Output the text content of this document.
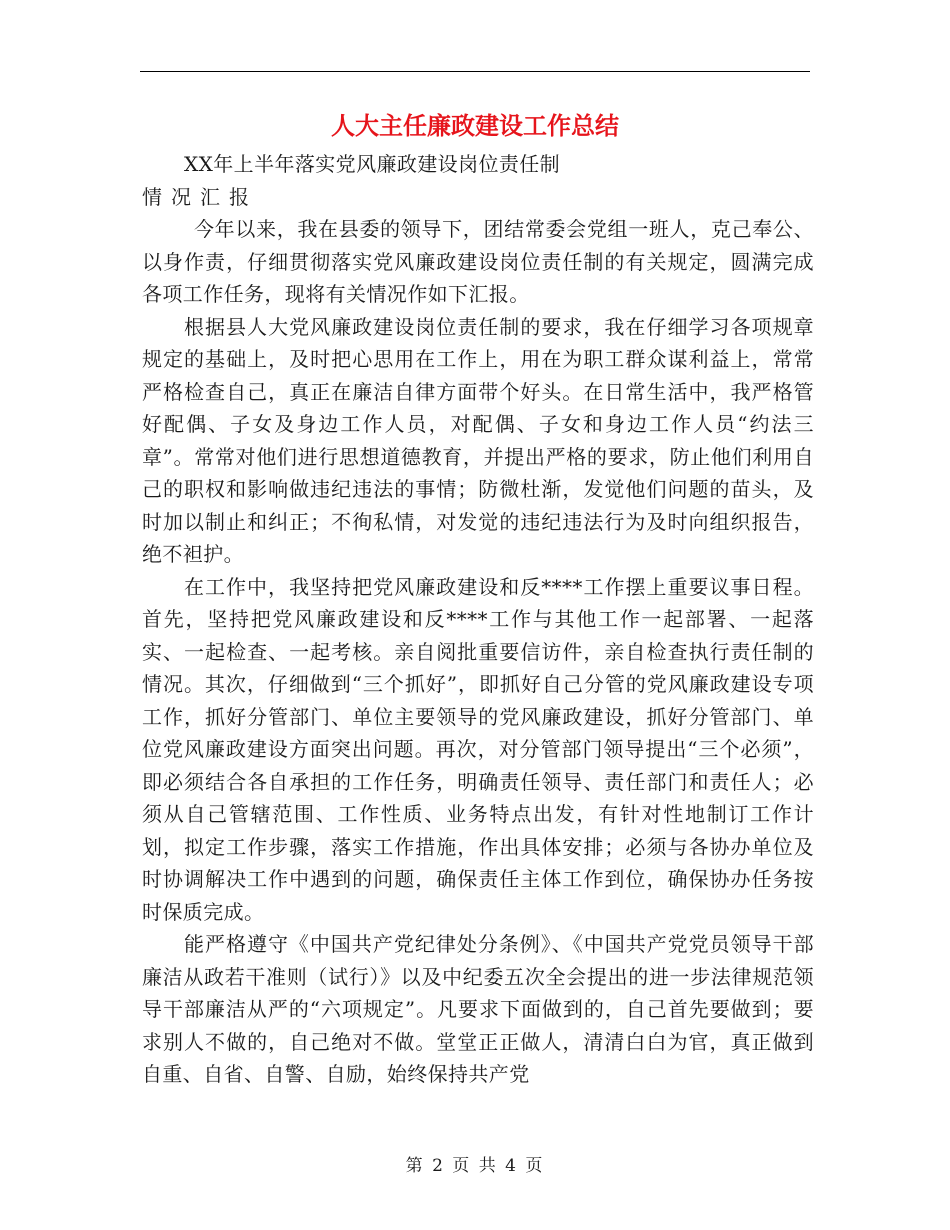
人大主任廉政建设工作总结

XX年上半年落实党风廉政建设岗位责任制

情况汇报

今年以来，我在县委的领导下，团结常委会党组一班人，克己奉公、以身作责，仔细贯彻落实党风廉政建设岗位责任制的有关规定，圆满完成各项工作任务，现将有关情况作如下汇报。

根据县人大党风廉政建设岗位责任制的要求，我在仔细学习各项规章规定的基础上，及时把心思用在工作上，用在为职工群众谋利益上，常常严格检查自己，真正在廉洁自律方面带个好头。在日常生活中，我严格管好配偶、子女及身边工作人员，对配偶、子女和身边工作人员“约法三章”。常常对他们进行思想道德教育，并提出严格的要求，防止他们利用自己的职权和影响做违纪违法的事情；防微杜渐，发觉他们问题的苗头，及时加以制止和纠正；不徇私情，对发觉的违纪违法行为及时向组织报告，绝不袒护。

在工作中，我坚持把党风廉政建设和反****工作摆上重要议事日程。首先，坚持把党风廉政建设和反****工作与其他工作一起部署、一起落实、一起检查、一起考核。亲自阅批重要信访件，亲自检查执行责任制的情况。其次，仔细做到“三个抓好”，即抓好自己分管的党风廉政建设专项工作，抓好分管部门、单位主要领导的党风廉政建设，抓好分管部门、单位党风廉政建设方面突出问题。再次，对分管部门领导提出“三个必须”，即必须结合各自承担的工作任务，明确责任领导、责任部门和责任人；必须从自己管辖范围、工作性质、业务特点出发，有针对性地制订工作计划，拟定工作步骤，落实工作措施，作出具体安排；必须与各协办单位及时协调解决工作中遇到的问题，确保责任主体工作到位，确保协办任务按时保质完成。

能严格遵守《中国共产党纪律处分条例》、《中国共产党党员领导干部廉洁从政若干准则（试行）》以及中纪委五次全会提出的进一步法律规范领导干部廉洁从严的“六项规定”。凡要求下面做到的，自己首先要做到；要求别人不做的，自己绝对不做。堂堂正正做人，清清白白为官，真正做到自重、自省、自警、自励，始终保持共产党

第 2 页 共 4 页
